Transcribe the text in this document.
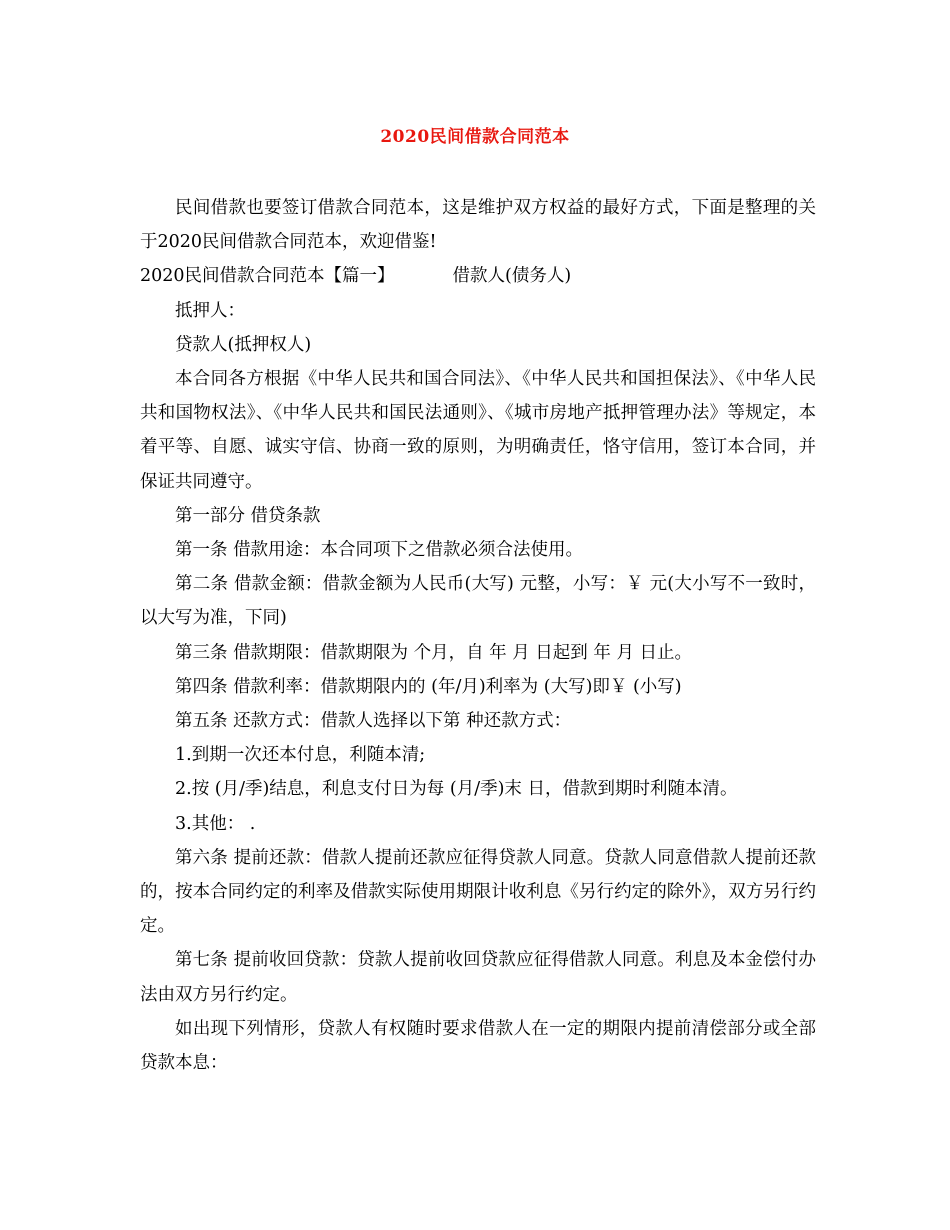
2020民间借款合同范本

民间借款也要签订借款合同范本，这是维护双方权益的最好方式，下面是整理的关于2020民间借款合同范本，欢迎借鉴!

2020民间借款合同范本【篇一】	借款人(债务人)

抵押人：

贷款人(抵押权人)

本合同各方根据《中华人民共和国合同法》、《中华人民共和国担保法》、《中华人民共和国物权法》、《中华人民共和国民法通则》、《城市房地产抵押管理办法》等规定，本着平等、自愿、诚实守信、协商一致的原则，为明确责任，恪守信用，签订本合同，并保证共同遵守。

第一部分 借贷条款

第一条 借款用途：本合同项下之借款必须合法使用。

第二条 借款金额：借款金额为人民币(大写) 元整，小写：￥ 元(大小写不一致时，以大写为准，下同)

第三条 借款期限：借款期限为 个月，自 年 月 日起到 年 月 日止。

第四条 借款利率：借款期限内的 (年/月)利率为 (大写)即￥ (小写)

第五条 还款方式：借款人选择以下第 种还款方式：

1.到期一次还本付息，利随本清;

2.按 (月/季)结息，利息支付日为每 (月/季)末 日，借款到期时利随本清。

3.其他： .

第六条 提前还款：借款人提前还款应征得贷款人同意。贷款人同意借款人提前还款的，按本合同约定的利率及借款实际使用期限计收利息《另行约定的除外》，双方另行约定。

第七条 提前收回贷款：贷款人提前收回贷款应征得借款人同意。利息及本金偿付办法由双方另行约定。

如出现下列情形，贷款人有权随时要求借款人在一定的期限内提前清偿部分或全部贷款本息：
